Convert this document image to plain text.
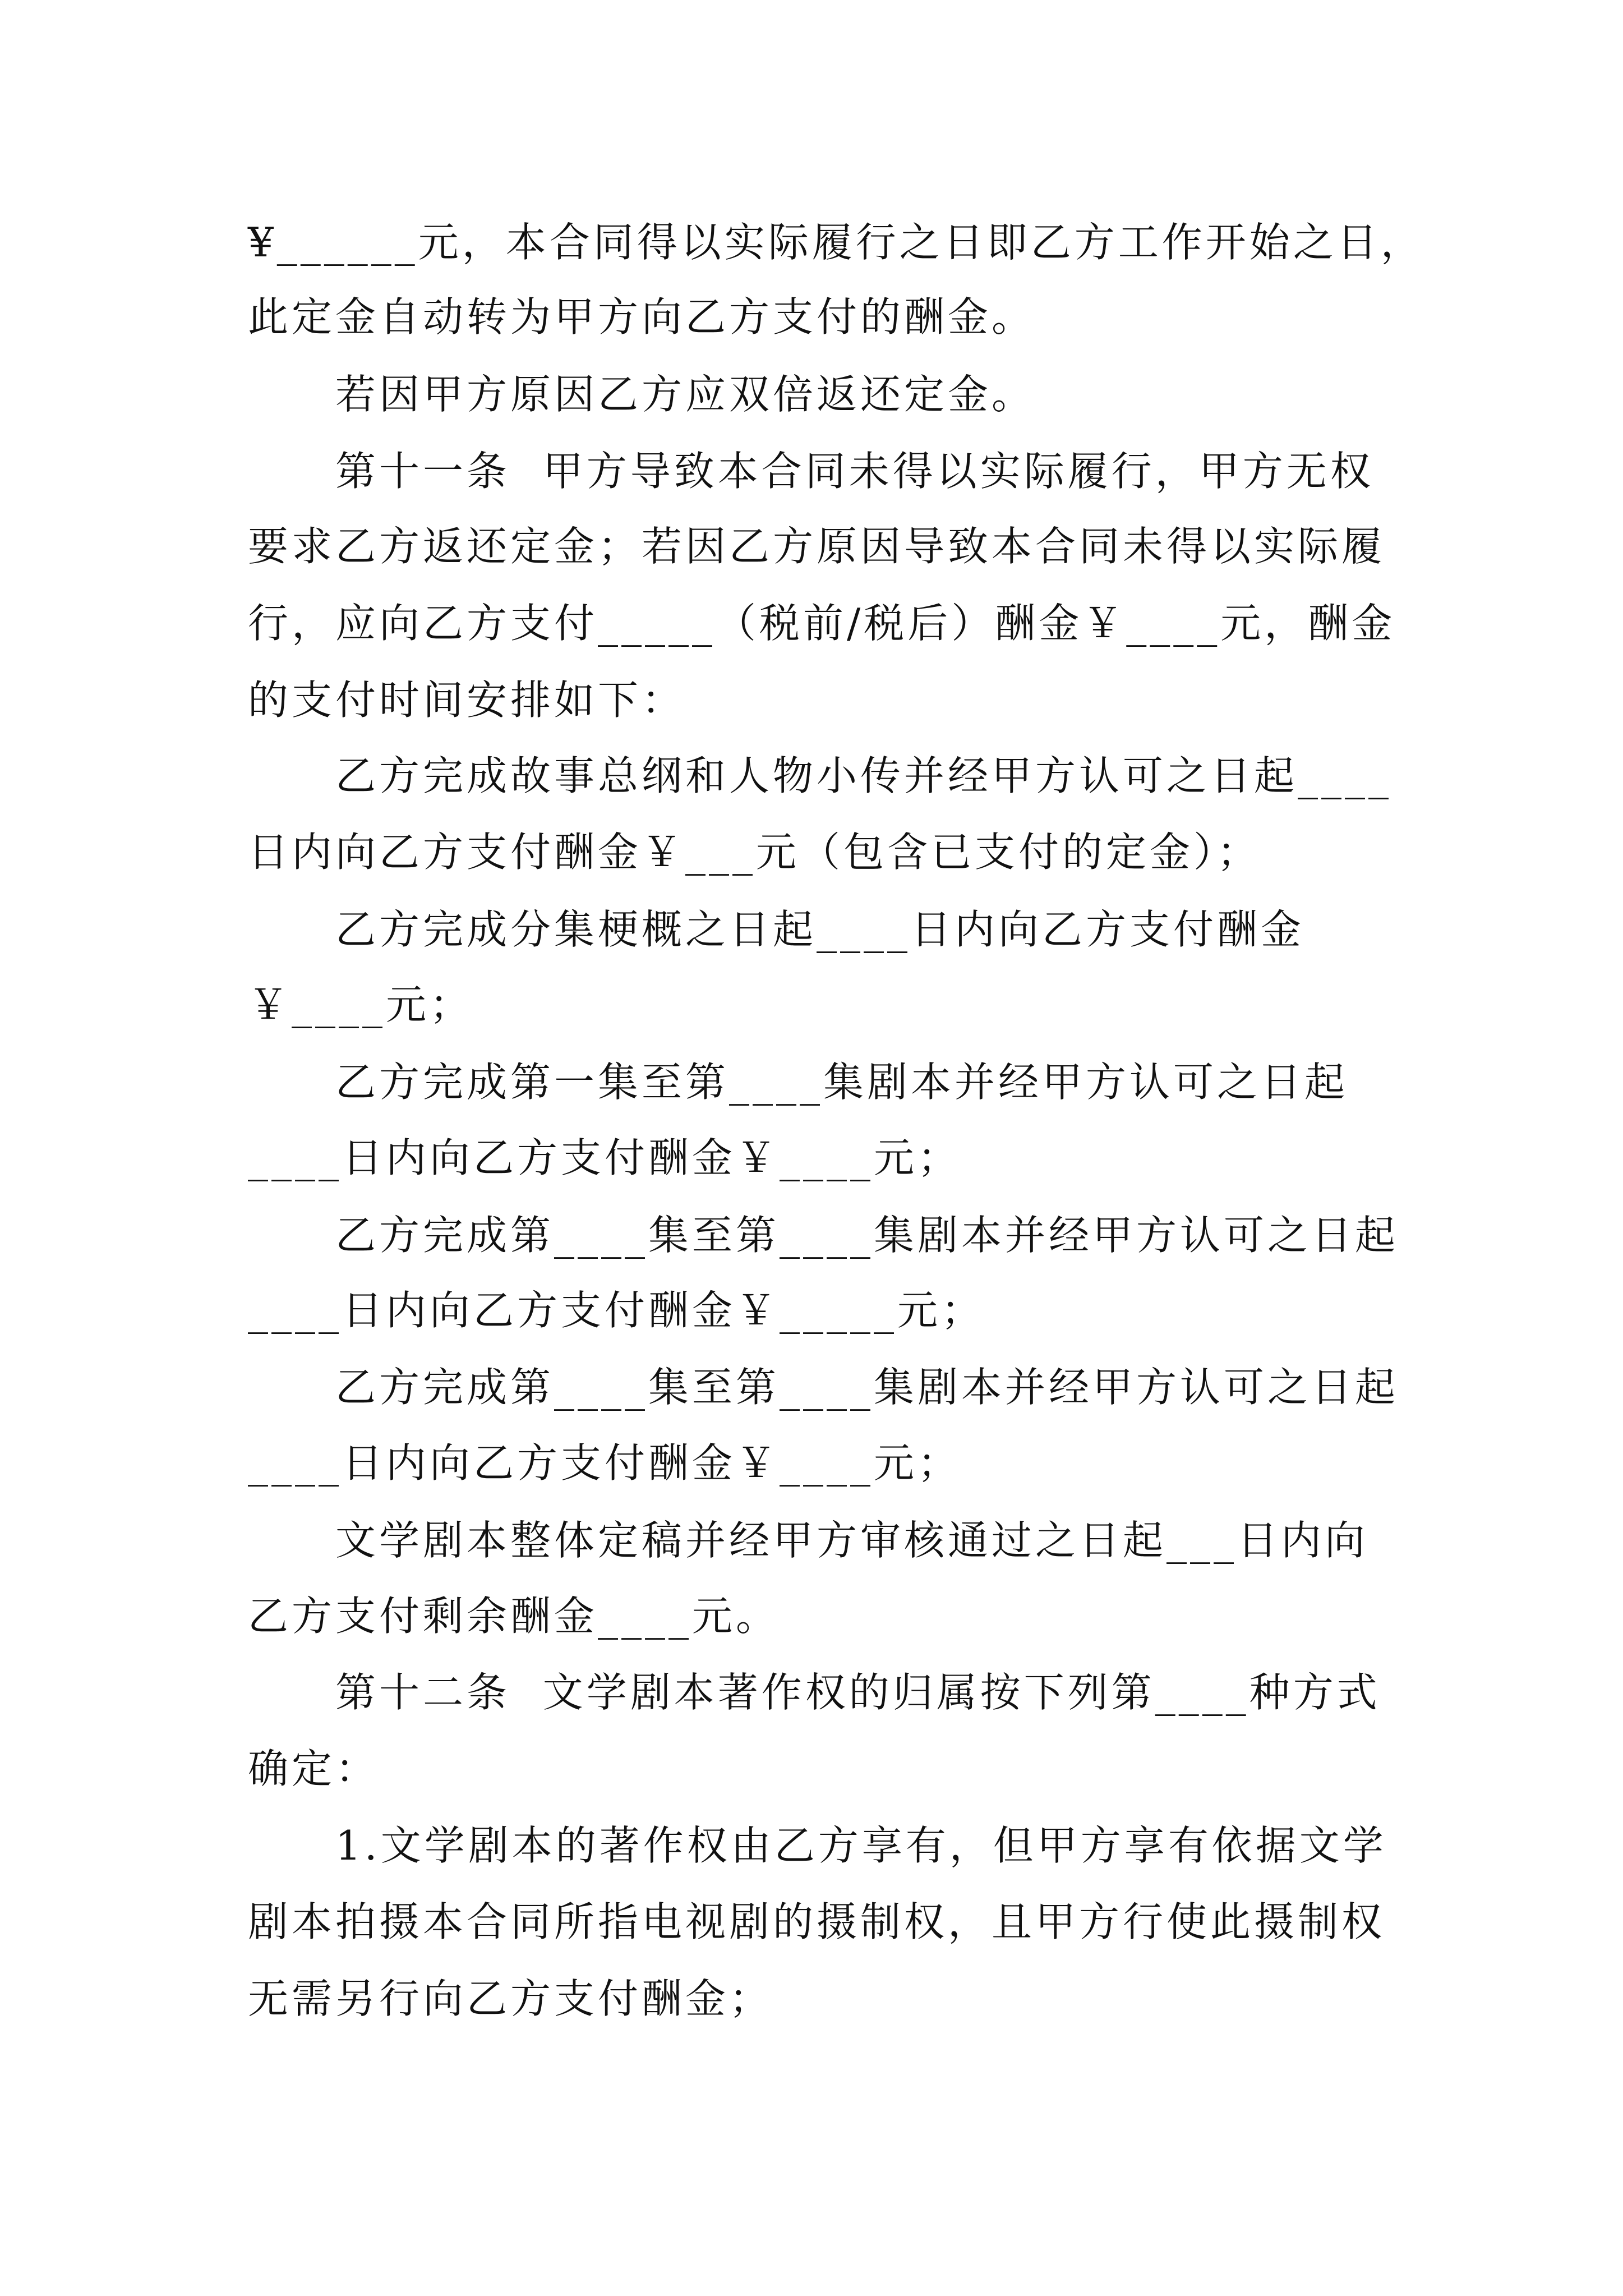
¥______元，本合同得以实际履行之日即乙方工作开始之日，
此定金自动转为甲方向乙方支付的酬金。
若因甲方原因乙方应双倍返还定金。
第十一条  甲方导致本合同未得以实际履行，甲方无权
要求乙方返还定金；若因乙方原因导致本合同未得以实际履
行，应向乙方支付_____（税前/税后）酬金￥____元，酬金
的支付时间安排如下：
乙方完成故事总纲和人物小传并经甲方认可之日起____
日内向乙方支付酬金￥___元（包含已支付的定金）；
乙方完成分集梗概之日起____日内向乙方支付酬金
￥____元；
乙方完成第一集至第____集剧本并经甲方认可之日起
____日内向乙方支付酬金￥____元；
乙方完成第____集至第____集剧本并经甲方认可之日起
____日内向乙方支付酬金￥_____元；
乙方完成第____集至第____集剧本并经甲方认可之日起
____日内向乙方支付酬金￥____元；
文学剧本整体定稿并经甲方审核通过之日起___日内向
乙方支付剩余酬金____元。
第十二条  文学剧本著作权的归属按下列第____种方式
确定：
1.文学剧本的著作权由乙方享有，但甲方享有依据文学
剧本拍摄本合同所指电视剧的摄制权，且甲方行使此摄制权
无需另行向乙方支付酬金；
